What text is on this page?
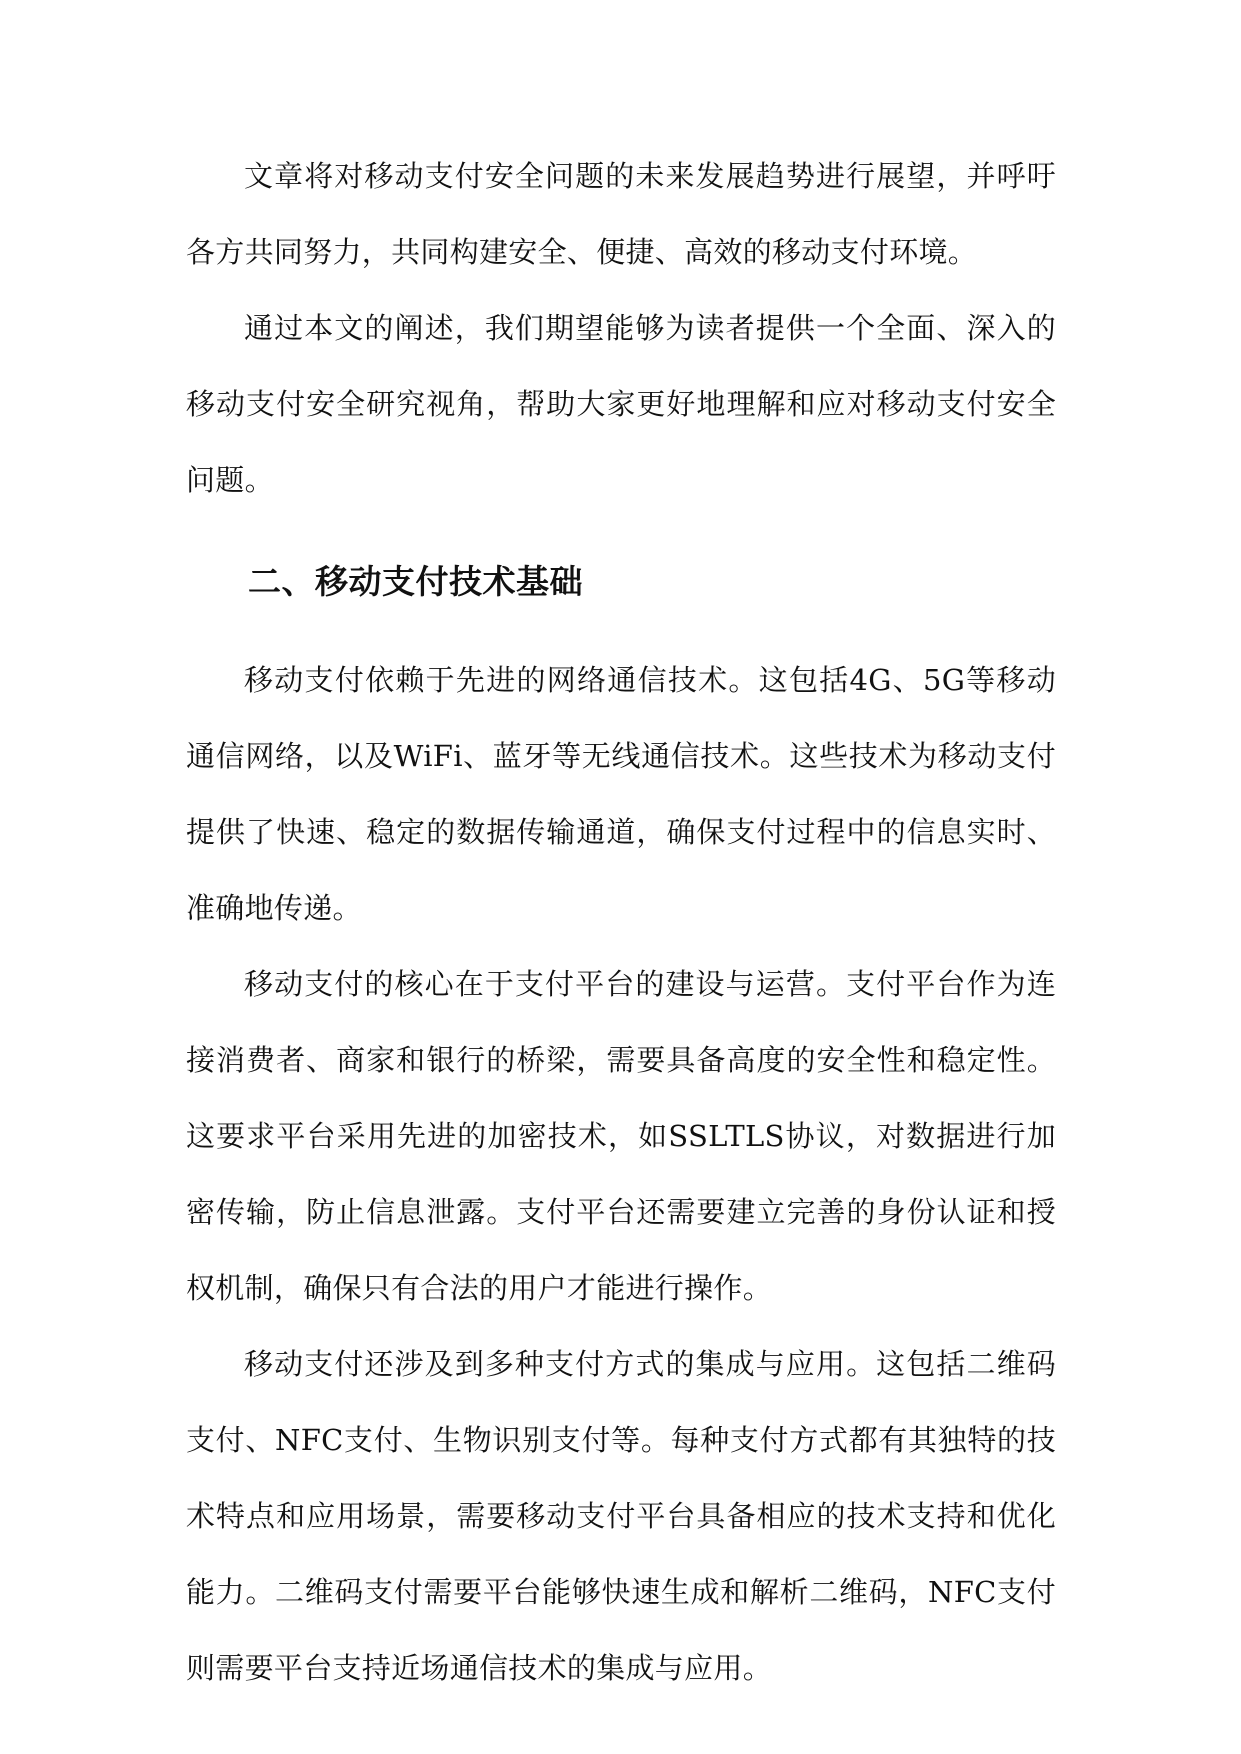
文章将对移动支付安全问题的未来发展趋势进行展望，并呼吁各方共同努力，共同构建安全、便捷、高效的移动支付环境。

通过本文的阐述，我们期望能够为读者提供一个全面、深入的移动支付安全研究视角，帮助大家更好地理解和应对移动支付安全问题。

二、移动支付技术基础

移动支付依赖于先进的网络通信技术。这包括4G、5G等移动通信网络，以及WiFi、蓝牙等无线通信技术。这些技术为移动支付提供了快速、稳定的数据传输通道，确保支付过程中的信息实时、准确地传递。

移动支付的核心在于支付平台的建设与运营。支付平台作为连接消费者、商家和银行的桥梁，需要具备高度的安全性和稳定性。这要求平台采用先进的加密技术，如SSLTLS协议，对数据进行加密传输，防止信息泄露。支付平台还需要建立完善的身份认证和授权机制，确保只有合法的用户才能进行操作。

移动支付还涉及到多种支付方式的集成与应用。这包括二维码支付、NFC支付、生物识别支付等。每种支付方式都有其独特的技术特点和应用场景，需要移动支付平台具备相应的技术支持和优化能力。二维码支付需要平台能够快速生成和解析二维码，NFC支付则需要平台支持近场通信技术的集成与应用。
